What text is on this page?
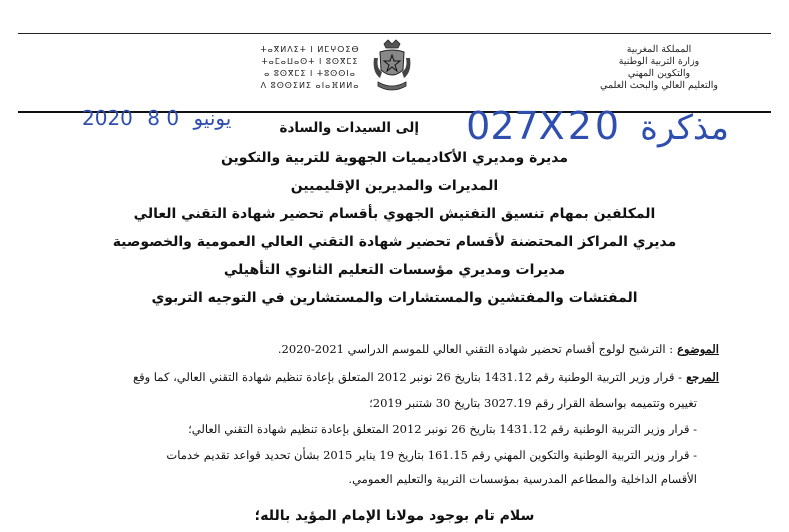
المملكة المغربية
وزارة التربية الوطنية
والتكوين المهني
والتعليم العالي والبحث العلمي
ⵜⴰⴳⵍⴷⵉⵜ ⵏ ⵍⵎⵖⵔⵉⴱ
ⵜⴰⵎⴰⵡⴰⵙⵜ ⵏ ⵓⵙⴳⵎⵉ
ⴰ ⵓⵙⴳⵎⵉ ⵏ ⵜⵓⵙⵙⵏⴰ
ⴷ ⵓⵙⵙⵉⵍⵉ ⴰⵏⴰⴼⵍⵍⴰ
مذكرة 027X20
2020	يونيو 0 8	إلى السيدات والسادة
مديرة ومديري الأكاديميات الجهوية للتربية والتكوين
المديرات والمديرين الإقليميين
المكلفين بمهام تنسيق التفتيش الجهوي بأقسام تحضير شهادة التقني العالي
مديري المراكز المحتضنة لأقسام تحضير شهادة التقني العالي العمومية والخصوصية
مديرات ومديري مؤسسات التعليم الثانوي التأهيلي
المفتشات والمفتشين والمستشارات والمستشارين في التوجيه التربوي
الموضوع: الترشيح لولوج أقسام تحضير شهادة التقني العالي للموسم الدراسي 2021-2020.
المرجع- قرار وزير التربية الوطنية رقم 1431.12 بتاريخ 26 نونبر 2012 المتعلق بإعادة تنظيم شهادة التقني العالي، كما وقع
تغييره وتتميمه بواسطة القرار رقم 3027.19 بتاريخ 30 شتنبر 2019؛
- قرار وزير التربية الوطنية رقم 1431.12 بتاريخ 26 نونبر 2012 المتعلق بإعادة تنظيم شهادة التقني العالي؛
- قرار وزير التربية الوطنية والتكوين المهني رقم 161.15 بتاريخ 19 يناير 2015 بشأن تحديد قواعد تقديم خدمات
الأقسام الداخلية والمطاعم المدرسية بمؤسسات التربية والتعليم العمومي.
سلام تام بوجود مولانا الإمام المؤيد بالله؛
